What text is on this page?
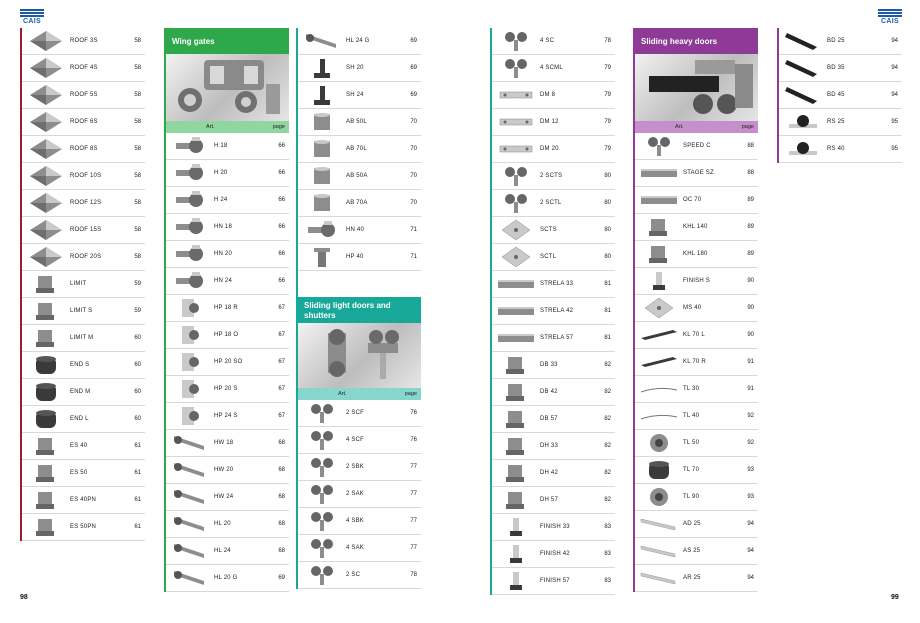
CAIS	CAIS
98	99
ROOF 3S	58
ROOF 4S	58
ROOF 5S	58
ROOF 6S	58
ROOF 8S	58
ROOF 10S	58
ROOF 12S	58
ROOF 15S	58
ROOF 20S	58
LIMIT	59
LIMIT S	59
LIMIT M	60
END S	60
END M	60
END L	60
ES 40	61
ES 50	61
ES 40PN	61
ES 50PN	61
Wing gates
Art.	page
H 18	66
H 20	66
H 24	66
HN 18	66
HN 20	66
HN 24	66
HP 18 R	67
HP 18 O	67
HP 20 SO	67
HP 20 S	67
HP 24 S	67
HW 18	68
HW 20	68
HW 24	68
HL 20	68
HL 24	68
HL 20 G	69
HL 24 G	69
SH 20	69
SH 24	69
AB 50L	70
AB 70L	70
AB 50A	70
AB 70A	70
HN 40	71
HP 40	71
Sliding light doors and shutters
Art.	page
2 SCF	76
4 SCF	76
2 SBK	77
2 SAK	77
4 SBK	77
4 SAK	77
2 SC	78
4 SC	78
4 SCML	79
DM 8	79
DM 12	79
DM 20	79
2 SCTS	80
2 SCTL	80
SCTS	80
SCTL	80
STRELA 33	81
STRELA 42	81
STRELA 57	81
DB 33	82
DB 42	82
DB 57	82
DH 33	82
DH 42	82
DH 57	82
FINISH 33	83
FINISH 42	83
FINISH 57	83
Sliding heavy doors
Art.	page
SPEED C	88
STAGE SZ	88
OC 70	89
KHL 140	89
KHL 180	89
FINISH S	90
MS 40	90
KL 70 L	90
KL 70 R	91
TL 30	91
TL 40	92
TL 50	92
TL 70	93
TL 90	93
AD 25	94
AS 25	94
AR 25	94
BD 25	94
BD 35	94
BD 45	94
RS 25	95
RS 40	95
